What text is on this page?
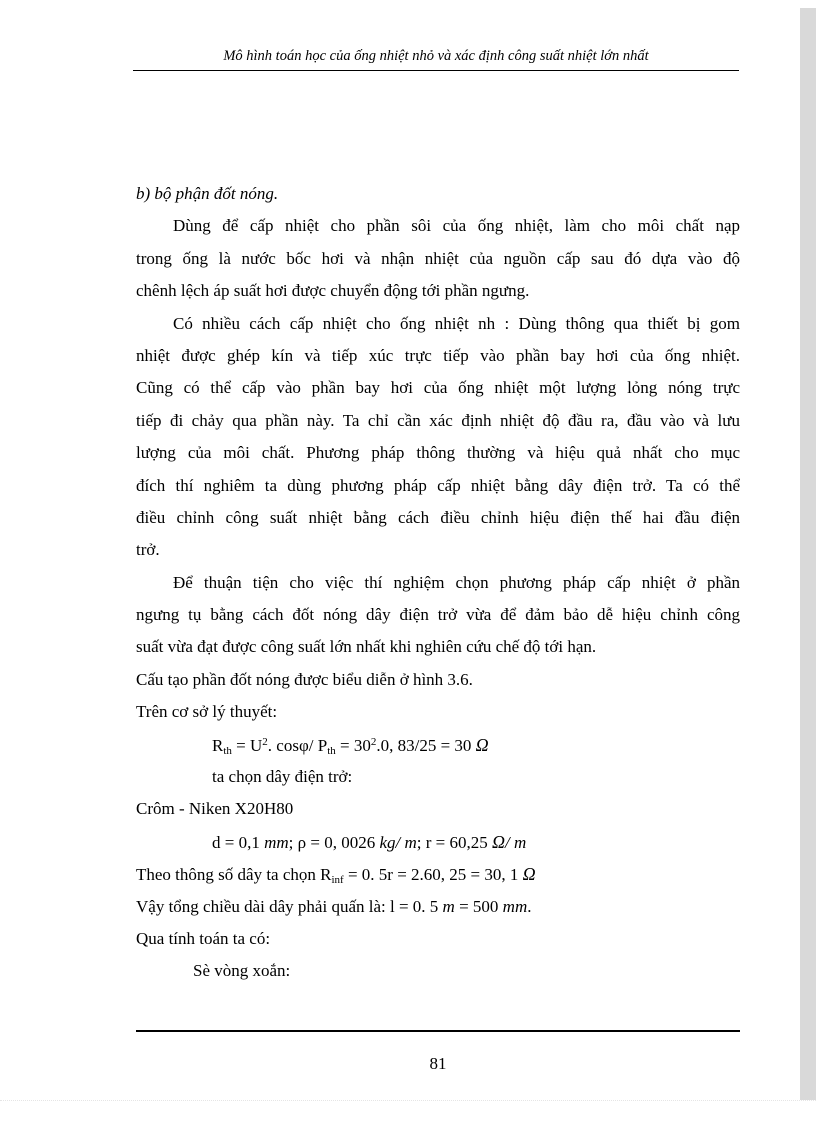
Mô hình toán học của ống nhiệt nhỏ và xác định công suất nhiệt lớn nhất
b) bộ phận đốt nóng.
Dùng để cấp nhiệt cho phần sôi của ống nhiệt, làm cho môi chất nạp
trong ống là nước bốc hơi và nhận nhiệt của nguồn cấp sau đó dựa vào độ
chênh lệch áp suất hơi được chuyển động tới phần ngưng.
Có nhiều cách cấp nhiệt cho ống nhiệt nh : Dùng thông qua thiết bị gom
nhiệt được ghép kín và tiếp xúc trực tiếp vào phần bay hơi của ống nhiệt.
Cũng có thể cấp vào phần bay hơi của ống nhiệt một lượng lỏng nóng trực
tiếp đi chảy qua phần này. Ta chỉ cần xác định nhiệt độ đầu ra, đầu vào và lưu
lượng của môi chất. Phương pháp thông thường và hiệu quả nhất cho mục
đích thí nghiêm ta dùng phương pháp cấp nhiệt bằng dây điện trở. Ta có thể
điều chỉnh công suất nhiệt bằng cách điều chỉnh hiệu điện thế hai đầu điện
trở.
Để thuận tiện cho việc thí nghiệm chọn phương pháp cấp nhiệt ở phần
ngưng tụ bằng cách đốt nóng dây điện trở vừa để đảm bảo dễ hiệu chỉnh công
suất vừa đạt được công suất lớn nhất khi nghiên cứu chế độ tới hạn.
Cấu tạo phần đốt nóng được biểu diễn ở hình 3.6.
Trên cơ sở lý thuyết:
$R_{th} = U^2$. cosφ/ $P_{th} = 30^2.0$, 83/25 = 30 Ω
ta chọn dây điện trở:
Crôm - Niken X20H80
d = 0,1 mm; ρ = 0, 0026 kg/ m; r = 60,25 Ω/ m
Theo thông số dây ta chọn $R_{inf} = 0$. 5r = 2.60, 25 = 30, 1 Ω
Vậy tổng chiều dài dây phải quấn là: l = 0. 5 m = 500 mm.
Qua tính toán ta có:
Sè vòng xoắn:
81
